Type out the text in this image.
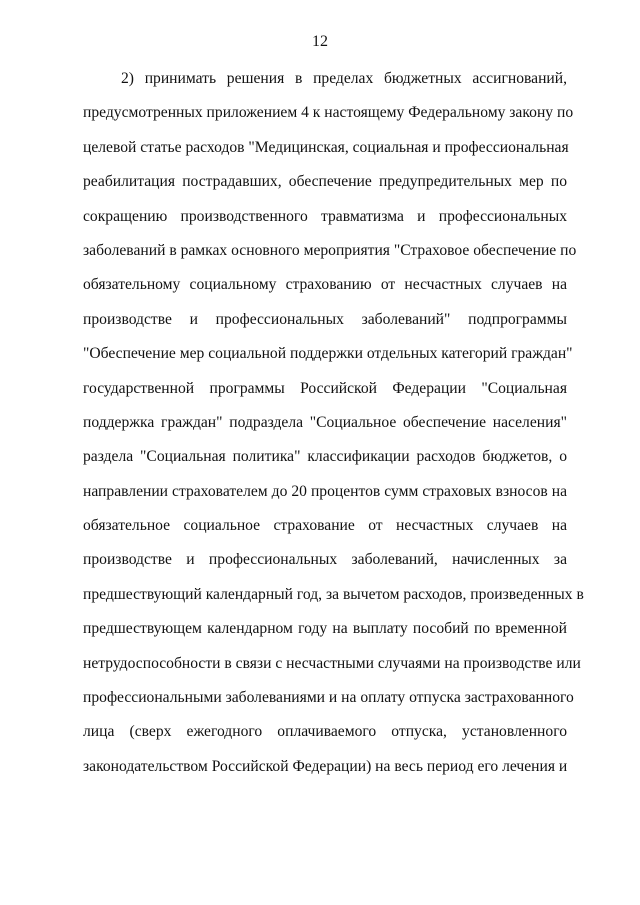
12
2) принимать решения в пределах бюджетных ассигнований,
предусмотренных приложением 4 к настоящему Федеральному закону по
целевой статье расходов "Медицинская, социальная и профессиональная
реабилитация пострадавших, обеспечение предупредительных мер по
сокращению производственного травматизма и профессиональных
заболеваний в рамках основного мероприятия "Страховое обеспечение по
обязательному социальному страхованию от несчастных случаев на
производстве и профессиональных заболеваний" подпрограммы
"Обеспечение мер социальной поддержки отдельных категорий граждан"
государственной программы Российской Федерации "Социальная
поддержка граждан" подраздела "Социальное обеспечение населения"
раздела "Социальная политика" классификации расходов бюджетов, о
направлении страхователем до 20 процентов сумм страховых взносов на
обязательное социальное страхование от несчастных случаев на
производстве и профессиональных заболеваний, начисленных за
предшествующий календарный год, за вычетом расходов, произведенных в
предшествующем календарном году на выплату пособий по временной
нетрудоспособности в связи с несчастными случаями на производстве или
профессиональными заболеваниями и на оплату отпуска застрахованного
лица (сверх ежегодного оплачиваемого отпуска, установленного
законодательством Российской Федерации) на весь период его лечения и
